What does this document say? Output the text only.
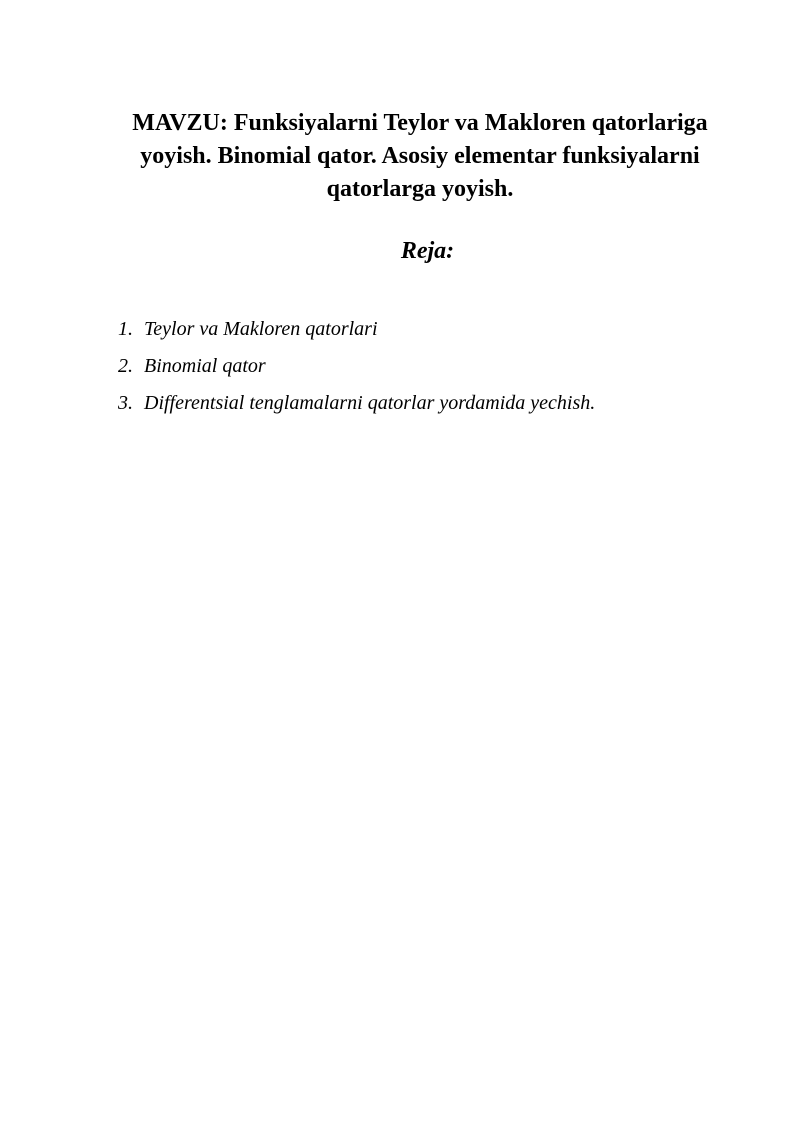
MAVZU: Funksiyalarni Teylor va Makloren qatorlariga
yoyish. Binomial qator. Asosiy elementar funksiyalarni
qatorlarga yoyish.
Reja:
1. Teylor va Makloren qatorlari
2. Binomial qator
3. Differentsial tenglamalarni qatorlar yordamida yechish.
